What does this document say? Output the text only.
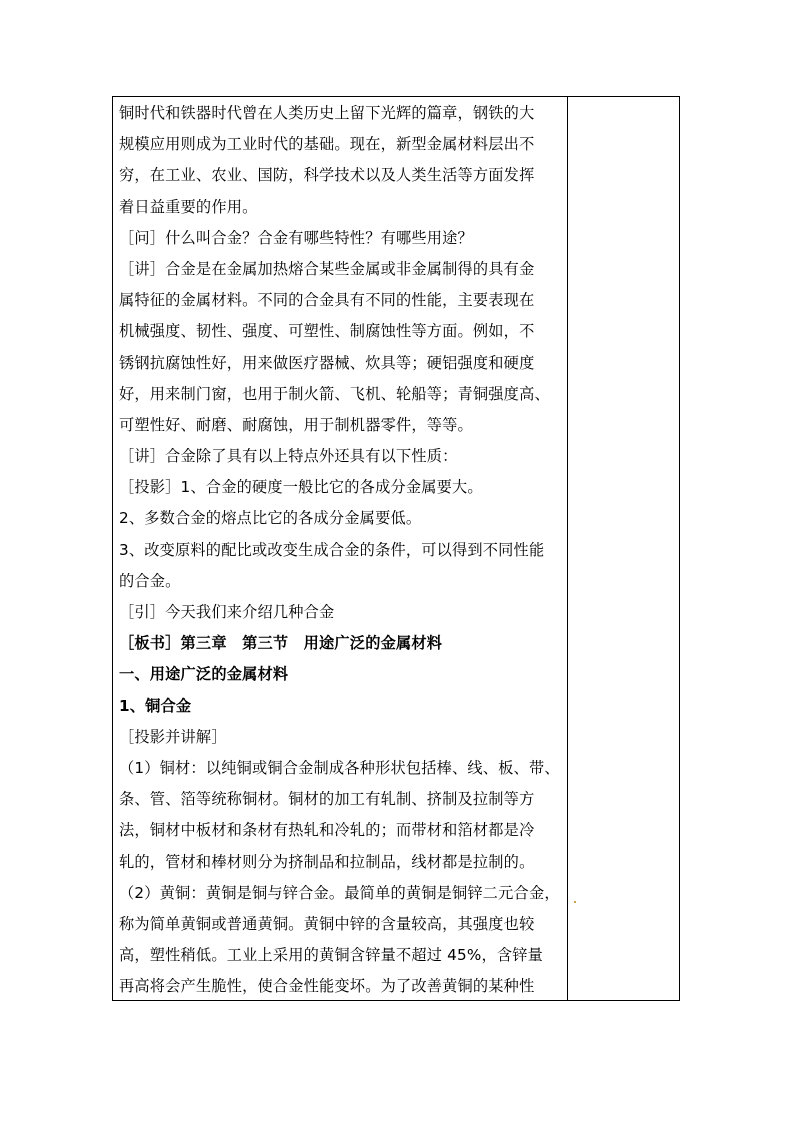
铜时代和铁器时代曾在人类历史上留下光辉的篇章，钢铁的大
规模应用则成为工业时代的基础。现在，新型金属材料层出不
穷，在工业、农业、国防，科学技术以及人类生活等方面发挥
着日益重要的作用。
［问］什么叫合金？合金有哪些特性？有哪些用途？
［讲］合金是在金属加热熔合某些金属或非金属制得的具有金
属特征的金属材料。不同的合金具有不同的性能，主要表现在
机械强度、韧性、强度、可塑性、制腐蚀性等方面。例如，不
锈钢抗腐蚀性好，用来做医疗器械、炊具等；硬铝强度和硬度
好，用来制门窗，也用于制火箭、飞机、轮船等；青铜强度高、
可塑性好、耐磨、耐腐蚀，用于制机器零件，等等。
［讲］合金除了具有以上特点外还具有以下性质：
［投影］1、合金的硬度一般比它的各成分金属要大。
2、多数合金的熔点比它的各成分金属要低。
3、改变原料的配比或改变生成合金的条件，可以得到不同性能
的合金。
［引］今天我们来介绍几种合金
［板书］第三章　第三节　用途广泛的金属材料
一、用途广泛的金属材料
1、铜合金
［投影并讲解］
（1）铜材：以纯铜或铜合金制成各种形状包括棒、线、板、带、
条、管、箔等统称铜材。铜材的加工有轧制、挤制及拉制等方
法，铜材中板材和条材有热轧和冷轧的；而带材和箔材都是冷
轧的，管材和棒材则分为挤制品和拉制品，线材都是拉制的。
（2）黄铜：黄铜是铜与锌合金。最简单的黄铜是铜锌二元合金，
称为简单黄铜或普通黄铜。黄铜中锌的含量较高，其强度也较
高，塑性稍低。工业上采用的黄铜含锌量不超过 45%，含锌量
再高将会产生脆性，使合金性能变坏。为了改善黄铜的某种性
